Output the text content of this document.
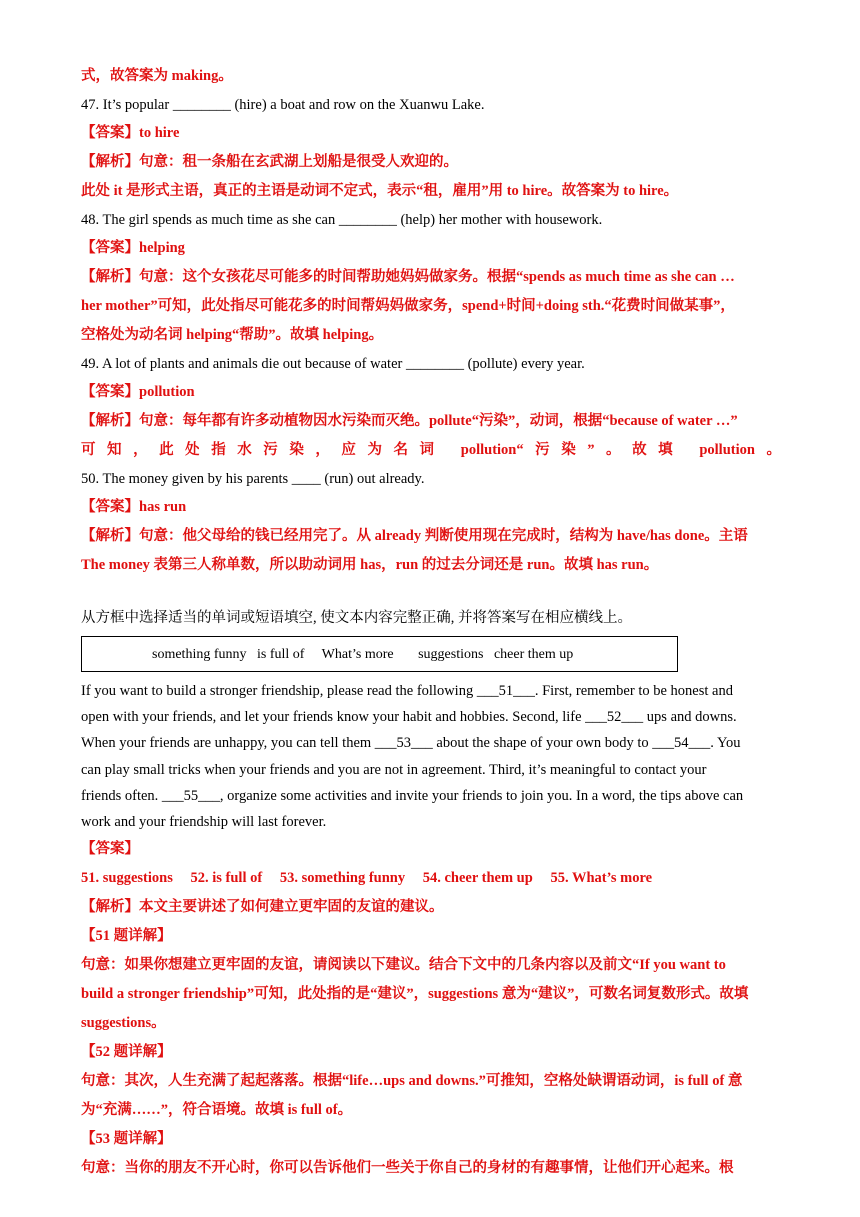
式，故答案为 making。
47. It’s popular ________ (hire) a boat and row on the Xuanwu Lake.
【答案】to hire
【解析】句意：租一条船在玄武湖上划船是很受人欢迎的。
此处 it 是形式主语，真正的主语是动词不定式，表示“租，雇用”用 to hire。故答案为 to hire。
48. The girl spends as much time as she can ________ (help) her mother with housework.
【答案】helping
【解析】句意：这个女孩花尽可能多的时间帮助她妈妈做家务。根据“spends as much time as she can …
her mother”可知，此处指尽可能花多的时间帮妈妈做家务，spend+时间+doing sth.“花费时间做某事”，
空格处为动名词 helping“帮助”。故填 helping。
49. A lot of plants and animals die out because of water ________ (pollute) every year.
【答案】pollution
【解析】句意：每年都有许多动植物因水污染而灭绝。pollute“污染”，动词，根据“because of water …”
可知，此处指水污染，应为名词 pollution“污染”。故填 pollution。
50. The money given by his parents ____ (run) out already.
【答案】has run
【解析】句意：他父母给的钱已经用完了。从 already 判断使用现在完成时，结构为 have/has done。主语
The money 表第三人称单数，所以助动词用 has，run 的过去分词还是 run。故填 has run。
从方框中选择适当的单词或短语填空, 使文本内容完整正确, 并将答案写在相应横线上。
something funny   is full of     What’s more       suggestions   cheer them up
If you want to build a stronger friendship, please read the following ___51___. First, remember to be honest and
open with your friends, and let your friends know your habit and hobbies. Second, life ___52___ ups and downs.
When your friends are unhappy, you can tell them ___53___ about the shape of your own body to ___54___. You
can play small tricks when your friends and you are not in agreement. Third, it’s meaningful to contact your
friends often. ___55___, organize some activities and invite your friends to join you. In a word, the tips above can
work and your friendship will last forever.
【答案】
51. suggestions 52. is full of 53. something funny 54. cheer them up 55. What’s more
【解析】本文主要讲述了如何建立更牢固的友谊的建议。
【51 题详解】
句意：如果你想建立更牢固的友谊，请阅读以下建议。结合下文中的几条内容以及前文“If you want to
build a stronger friendship”可知，此处指的是“建议”，suggestions 意为“建议”，可数名词复数形式。故填
suggestions。
【52 题详解】
句意：其次，人生充满了起起落落。根据“life…ups and downs.”可推知，空格处缺谓语动词，is full of 意
为“充满……”，符合语境。故填 is full of。
【53 题详解】
句意：当你的朋友不开心时，你可以告诉他们一些关于你自己的身材的有趣事情，让他们开心起来。根
